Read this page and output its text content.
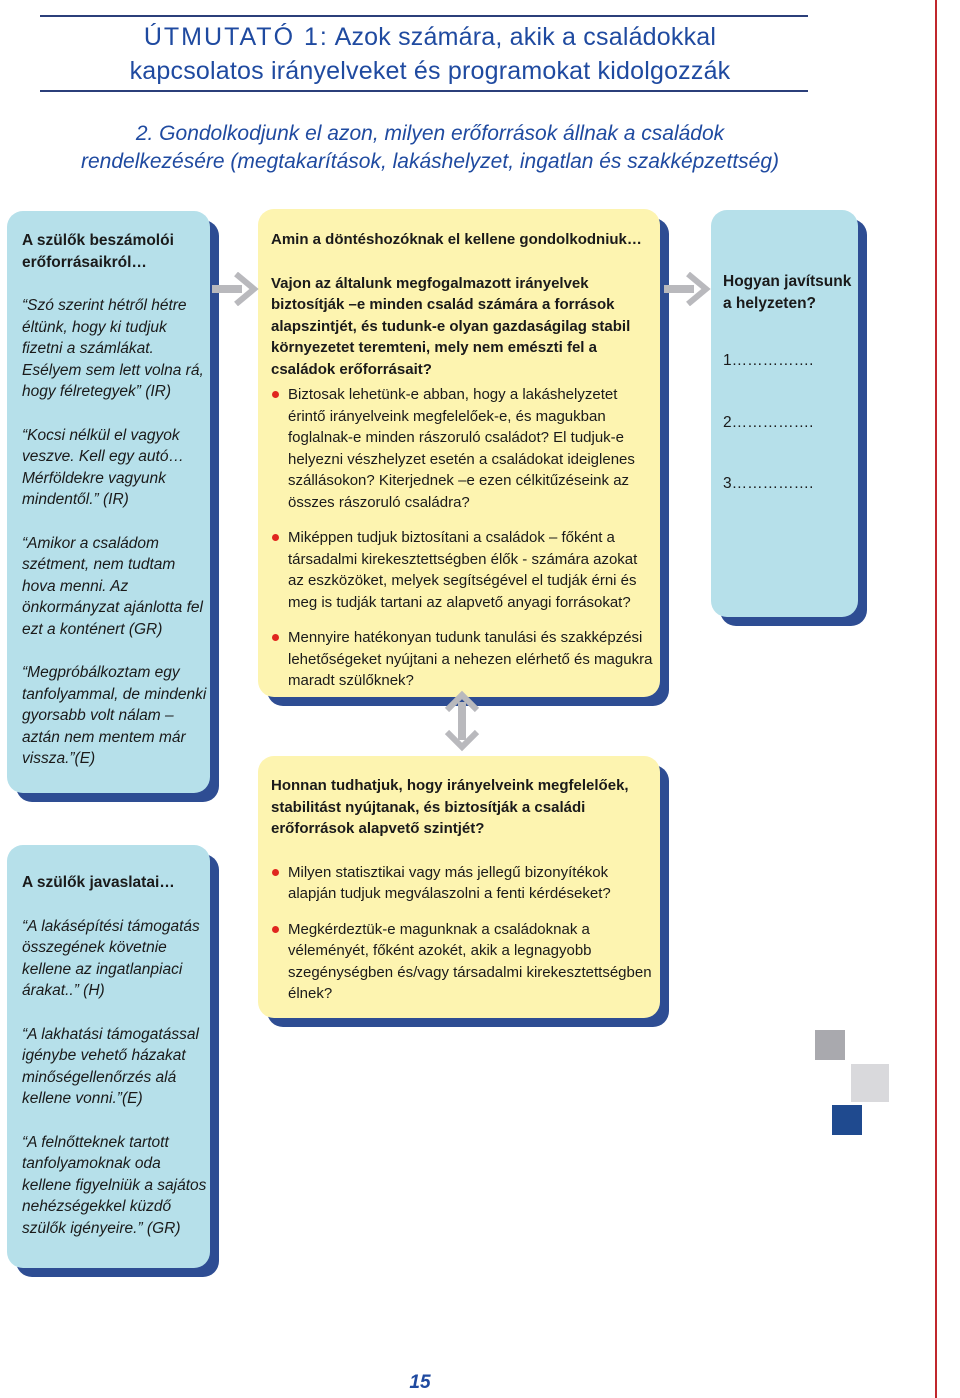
ÚTMUTATÓ 1: Azok számára, akik a családokkal
kapcsolatos irányelveket és programokat kidolgozzák
2. Gondolkodjunk el azon, milyen erőforrások állnak a családok
rendelkezésére (megtakarítások, lakáshelyzet, ingatlan és szakképzettség)

A szülők beszámolói erőforrásaikról…

“Szó szerint hétről hétre éltünk, hogy ki tudjuk fizetni a számlákat. Esélyem sem lett volna rá, hogy félretegyek” (IR)

“Kocsi nélkül el vagyok veszve. Kell egy autó…Mérföldekre vagyunk mindentől.” (IR)

“Amikor a családom szétment, nem tudtam hova menni. Az önkormányzat ajánlotta fel ezt a konténert (GR)

“Megpróbálkoztam egy tanfolyammal, de mindenki gyorsabb volt nálam – aztán nem mentem már vissza.”(E)

A szülők javaslatai…

“A lakásépítési támogatás összegének követnie kellene az ingatlanpiaci árakat..” (H)

“A lakhatási támogatással igénybe vehető házakat minőségellenőrzés alá kellene vonni.”(E)

“A felnőtteknek tartott tanfolyamoknak oda kellene figyelniük a sajátos nehézségekkel küzdő szülők igényeire.” (GR)

Amin a döntéshozóknak el kellene gondolkodniuk…

Vajon az általunk megfogalmazott irányelvek biztosítják –e minden család számára a források alapszintjét, és tudunk-e olyan gazdaságilag stabil környezetet teremteni, mely nem emészti fel a családok erőforrásait?

Biztosak lehetünk-e abban, hogy a lakáshelyzetet érintő irányelveink megfelelőek-e, és magukban foglalnak-e minden rászoruló családot? El tudjuk-e helyezni vészhelyzet esetén a családokat ideiglenes szállásokon? Kiterjednek –e ezen célkitűzéseink az összes rászoruló családra?
Miképpen tudjuk biztosítani a családok – főként a társadalmi kirekesztettségben élők - számára azokat az eszközöket, melyek segítségével el tudják érni és meg is tudják tartani az alapvető anyagi forrásokat?
Mennyire hatékonyan tudunk tanulási és szakképzési lehetőségeket nyújtani a nehezen elérhető és magukra maradt szülőknek?

Honnan tudhatjuk, hogy irányelveink megfelelőek, stabilitást nyújtanak, és biztosítják a családi erőforrások alapvető szintjét?

Milyen statisztikai vagy más jellegű bizonyítékok alapján tudjuk megválaszolni a fenti kérdéseket?
Megkérdeztük-e magunknak a családoknak a véleményét, főként azokét, akik a legnagyobb szegénységben és/vagy társadalmi kirekesztettségben élnek?

Hogyan javítsunk a helyzeten?

1…………….

2…………….

3…………….

15
